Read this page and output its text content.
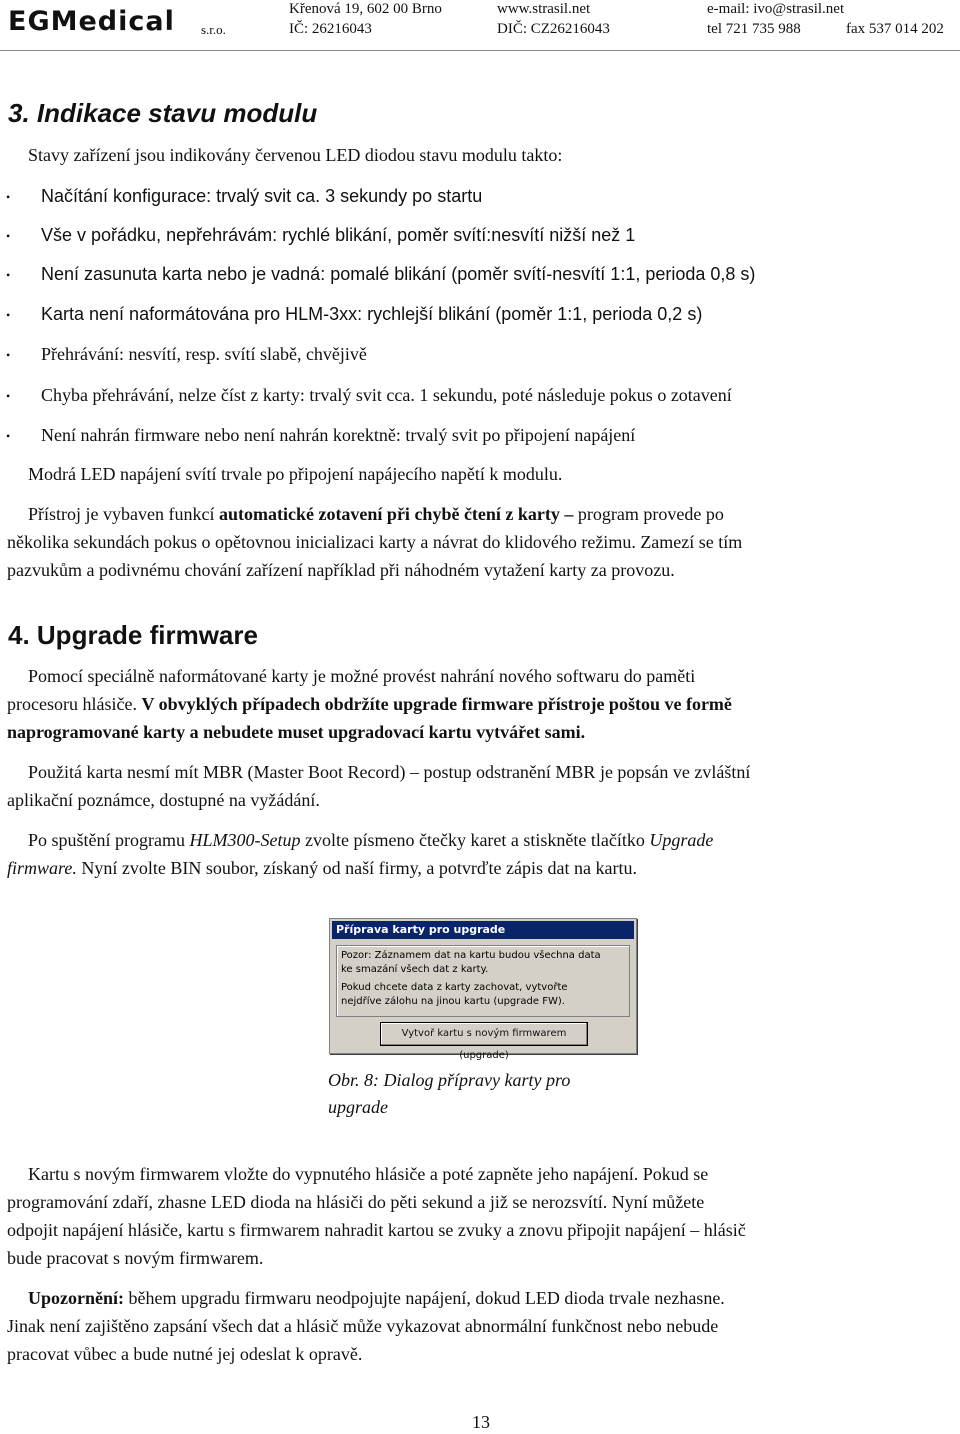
EGMedical s.r.o.
Křenová 19, 602 00 Brno
IČ: 26216043
www.strasil.net
DIČ: CZ26216043
e-mail: ivo@strasil.net
tel 721 735 988	fax 537 014 202
3. Indikace stavu modulu
Stavy zařízení jsou indikovány červenou LED diodou stavu modulu takto:
Načítání konfigurace: trvalý svit ca. 3 sekundy po startu
•
Vše v pořádku, nepřehrávám: rychlé blikání, poměr svítí:nesvítí nižší než 1
•
Není zasunuta karta nebo je vadná: pomalé blikání (poměr svítí-nesvítí 1:1, perioda 0,8 s)
•
Karta není naformátována pro HLM-3xx: rychlejší blikání (poměr 1:1, perioda 0,2 s)
•
Přehrávání: nesvítí, resp. svítí slabě, chvějivě
•
Chyba přehrávání, nelze číst z karty: trvalý svit cca. 1 sekundu, poté následuje pokus o zotavení
•
Není nahrán firmware nebo není nahrán korektně: trvalý svit po připojení napájení
•
Modrá LED napájení svítí trvale po připojení napájecího napětí k modulu.
Přístroj je vybaven funkcí automatické zotavení při chybě čtení z karty – program provede po
několika sekundách pokus o opětovnou inicializaci karty a návrat do klidového režimu. Zamezí se tím
pazvukům a podivnému chování zařízení například při náhodném vytažení karty za provozu.
4. Upgrade firmware
Pomocí speciálně naformátované karty je možné provést nahrání nového softwaru do paměti
procesoru hlásiče. V obvyklých případech obdržíte upgrade firmware přístroje poštou ve formě
naprogramované karty a nebudete muset upgradovací kartu vytvářet sami.
Použitá karta nesmí mít MBR (Master Boot Record) – postup odstranění MBR je popsán ve zvláštní
aplikační poznámce, dostupné na vyžádání.
Po spuštění programu HLM300-Setup zvolte písmeno čtečky karet a stiskněte tlačítko Upgrade
firmware. Nyní zvolte BIN soubor, získaný od naší firmy, a potvrďte zápis dat na kartu.
Příprava karty pro upgrade
Pozor: Záznamem dat na kartu budou všechna data
ke smazání všech dat z karty.
Pokud chcete data z karty zachovat, vytvořte
nejdříve zálohu na jinou kartu (upgrade FW).
Vytvoř kartu s novým firmwarem (upgrade)
Obr. 8: Dialog přípravy karty pro
upgrade
Kartu s novým firmwarem vložte do vypnutého hlásiče a poté zapněte jeho napájení. Pokud se
programování zdaří, zhasne LED dioda na hlásiči do pěti sekund a již se nerozsvítí. Nyní můžete
odpojit napájení hlásiče, kartu s firmwarem nahradit kartou se zvuky a znovu připojit napájení – hlásič
bude pracovat s novým firmwarem.
Upozornění: během upgradu firmwaru neodpojujte napájení, dokud LED dioda trvale nezhasne.
Jinak není zajištěno zapsání všech dat a hlásič může vykazovat abnormální funkčnost nebo nebude
pracovat vůbec a bude nutné jej odeslat k opravě.
13
